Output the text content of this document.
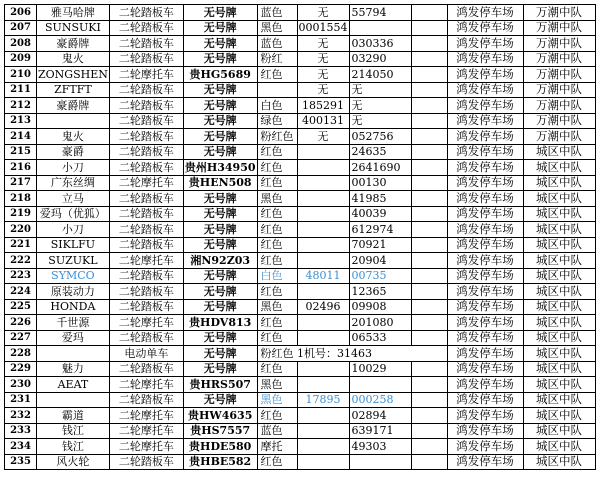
206	雅马哈牌	二轮踏板车	无号牌	蓝色	无	55794		鸿发停车场	万潮中队
207	SUNSUKI	二轮踏板车	无号牌	黑色	0001554			鸿发停车场	万潮中队
208	豪爵牌	二轮踏板车	无号牌	蓝色	无	030336		鸿发停车场	万潮中队
209	鬼火	二轮踏板车	无号牌	粉红	无	03290		鸿发停车场	万潮中队
210	ZONGSHEN	二轮摩托车	贵HG5689	红色	无	214050		鸿发停车场	万潮中队
211	ZFTFT	二轮踏板车	无号牌		无	无		鸿发停车场	万潮中队
212	豪爵牌	二轮踏板车	无号牌	白色	185291	无		鸿发停车场	万潮中队
213		二轮踏板车	无号牌	绿色	400131	无		鸿发停车场	万潮中队
214	鬼火	二轮踏板车	无号牌	粉红色	无	052756		鸿发停车场	万潮中队
215	豪爵	二轮踏板车	无号牌	红色		24635		鸿发停车场	城区中队
216	小刀	二轮踏板车	贵州H34950	红色		2641690		鸿发停车场	城区中队
217	广东丝绸	二轮摩托车	贵HEN508	红色		00130		鸿发停车场	城区中队
218	立马	二轮踏板车	无号牌	黑色		41985		鸿发停车场	城区中队
219	爱玛（优狐）	二轮踏板车	无号牌	红色		40039		鸿发停车场	城区中队
220	小刀	二轮踏板车	无号牌	红色		612974		鸿发停车场	城区中队
221	SIKLFU	二轮踏板车	无号牌	红色		70921		鸿发停车场	城区中队
222	SUZUKL	二轮摩托车	湘N92Z03	红色		20904		鸿发停车场	城区中队
223	SYMCO	二轮踏板车	无号牌	白色	48011	00735		鸿发停车场	城区中队
224	原装动力	二轮踏板车	无号牌	红色		12365		鸿发停车场	城区中队
225	HONDA	二轮踏板车	无号牌	黑色	02496	09908		鸿发停车场	城区中队
226	千世源	二轮摩托车	贵HDV813	红色		201080		鸿发停车场	城区中队
227	爱玛	二轮踏板车	无号牌	红色		06533		鸿发停车场	城区中队
228		电动单车	无号牌	粉红色 1机号：31463				鸿发停车场	城区中队
229	魅力	二轮踏板车	无号牌	红色		10029		鸿发停车场	城区中队
230	AEAT	二轮摩托车	贵HRS507	黑色				鸿发停车场	城区中队
231		二轮踏板车	无号牌	黑色	17895	000258		鸿发停车场	城区中队
232	霸道	二轮摩托车	贵HW4635	红色		02894		鸿发停车场	城区中队
233	钱江	二轮摩托车	贵HS7557	蓝色		639171		鸿发停车场	城区中队
234	钱江	二轮摩托车	贵HDE580	摩托		49303		鸿发停车场	城区中队
235	风火轮	二轮踏板车	贵HBE582	红色				鸿发停车场	城区中队
